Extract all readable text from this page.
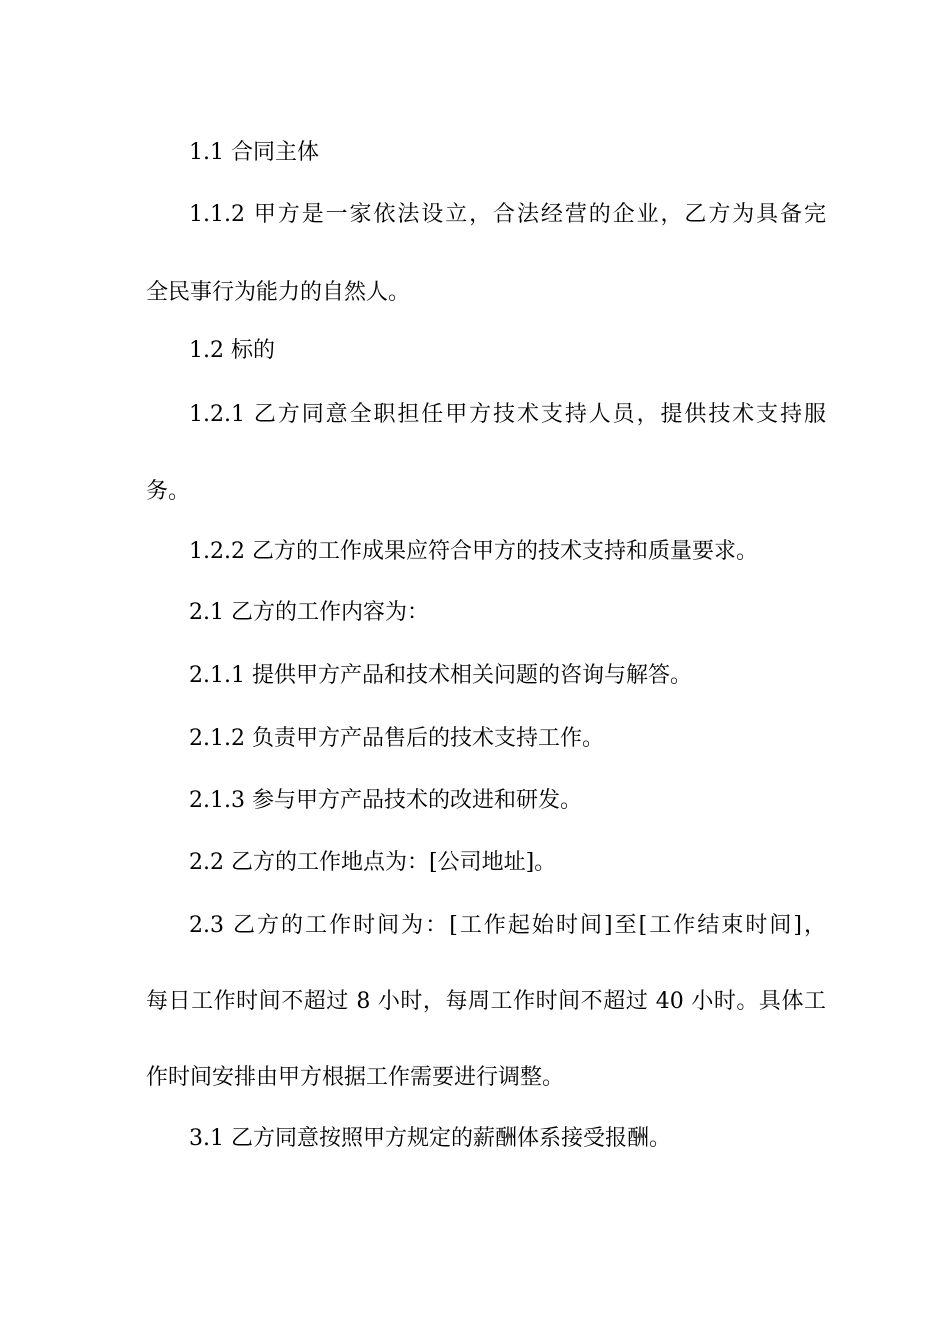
1.1 合同主体
1.1.2 甲方是一家依法设立，合法经营的企业，乙方为具备完
全民事行为能力的自然人。
1.2 标的
1.2.1 乙方同意全职担任甲方技术支持人员，提供技术支持服
务。
1.2.2 乙方的工作成果应符合甲方的技术支持和质量要求。
2.1 乙方的工作内容为：
2.1.1 提供甲方产品和技术相关问题的咨询与解答。
2.1.2 负责甲方产品售后的技术支持工作。
2.1.3 参与甲方产品技术的改进和研发。
2.2 乙方的工作地点为：[公司地址]。
2.3 乙方的工作时间为：[工作起始时间]至[工作结束时间]，
每日工作时间不超过 8 小时，每周工作时间不超过 40 小时。具体工
作时间安排由甲方根据工作需要进行调整。
3.1 乙方同意按照甲方规定的薪酬体系接受报酬。
